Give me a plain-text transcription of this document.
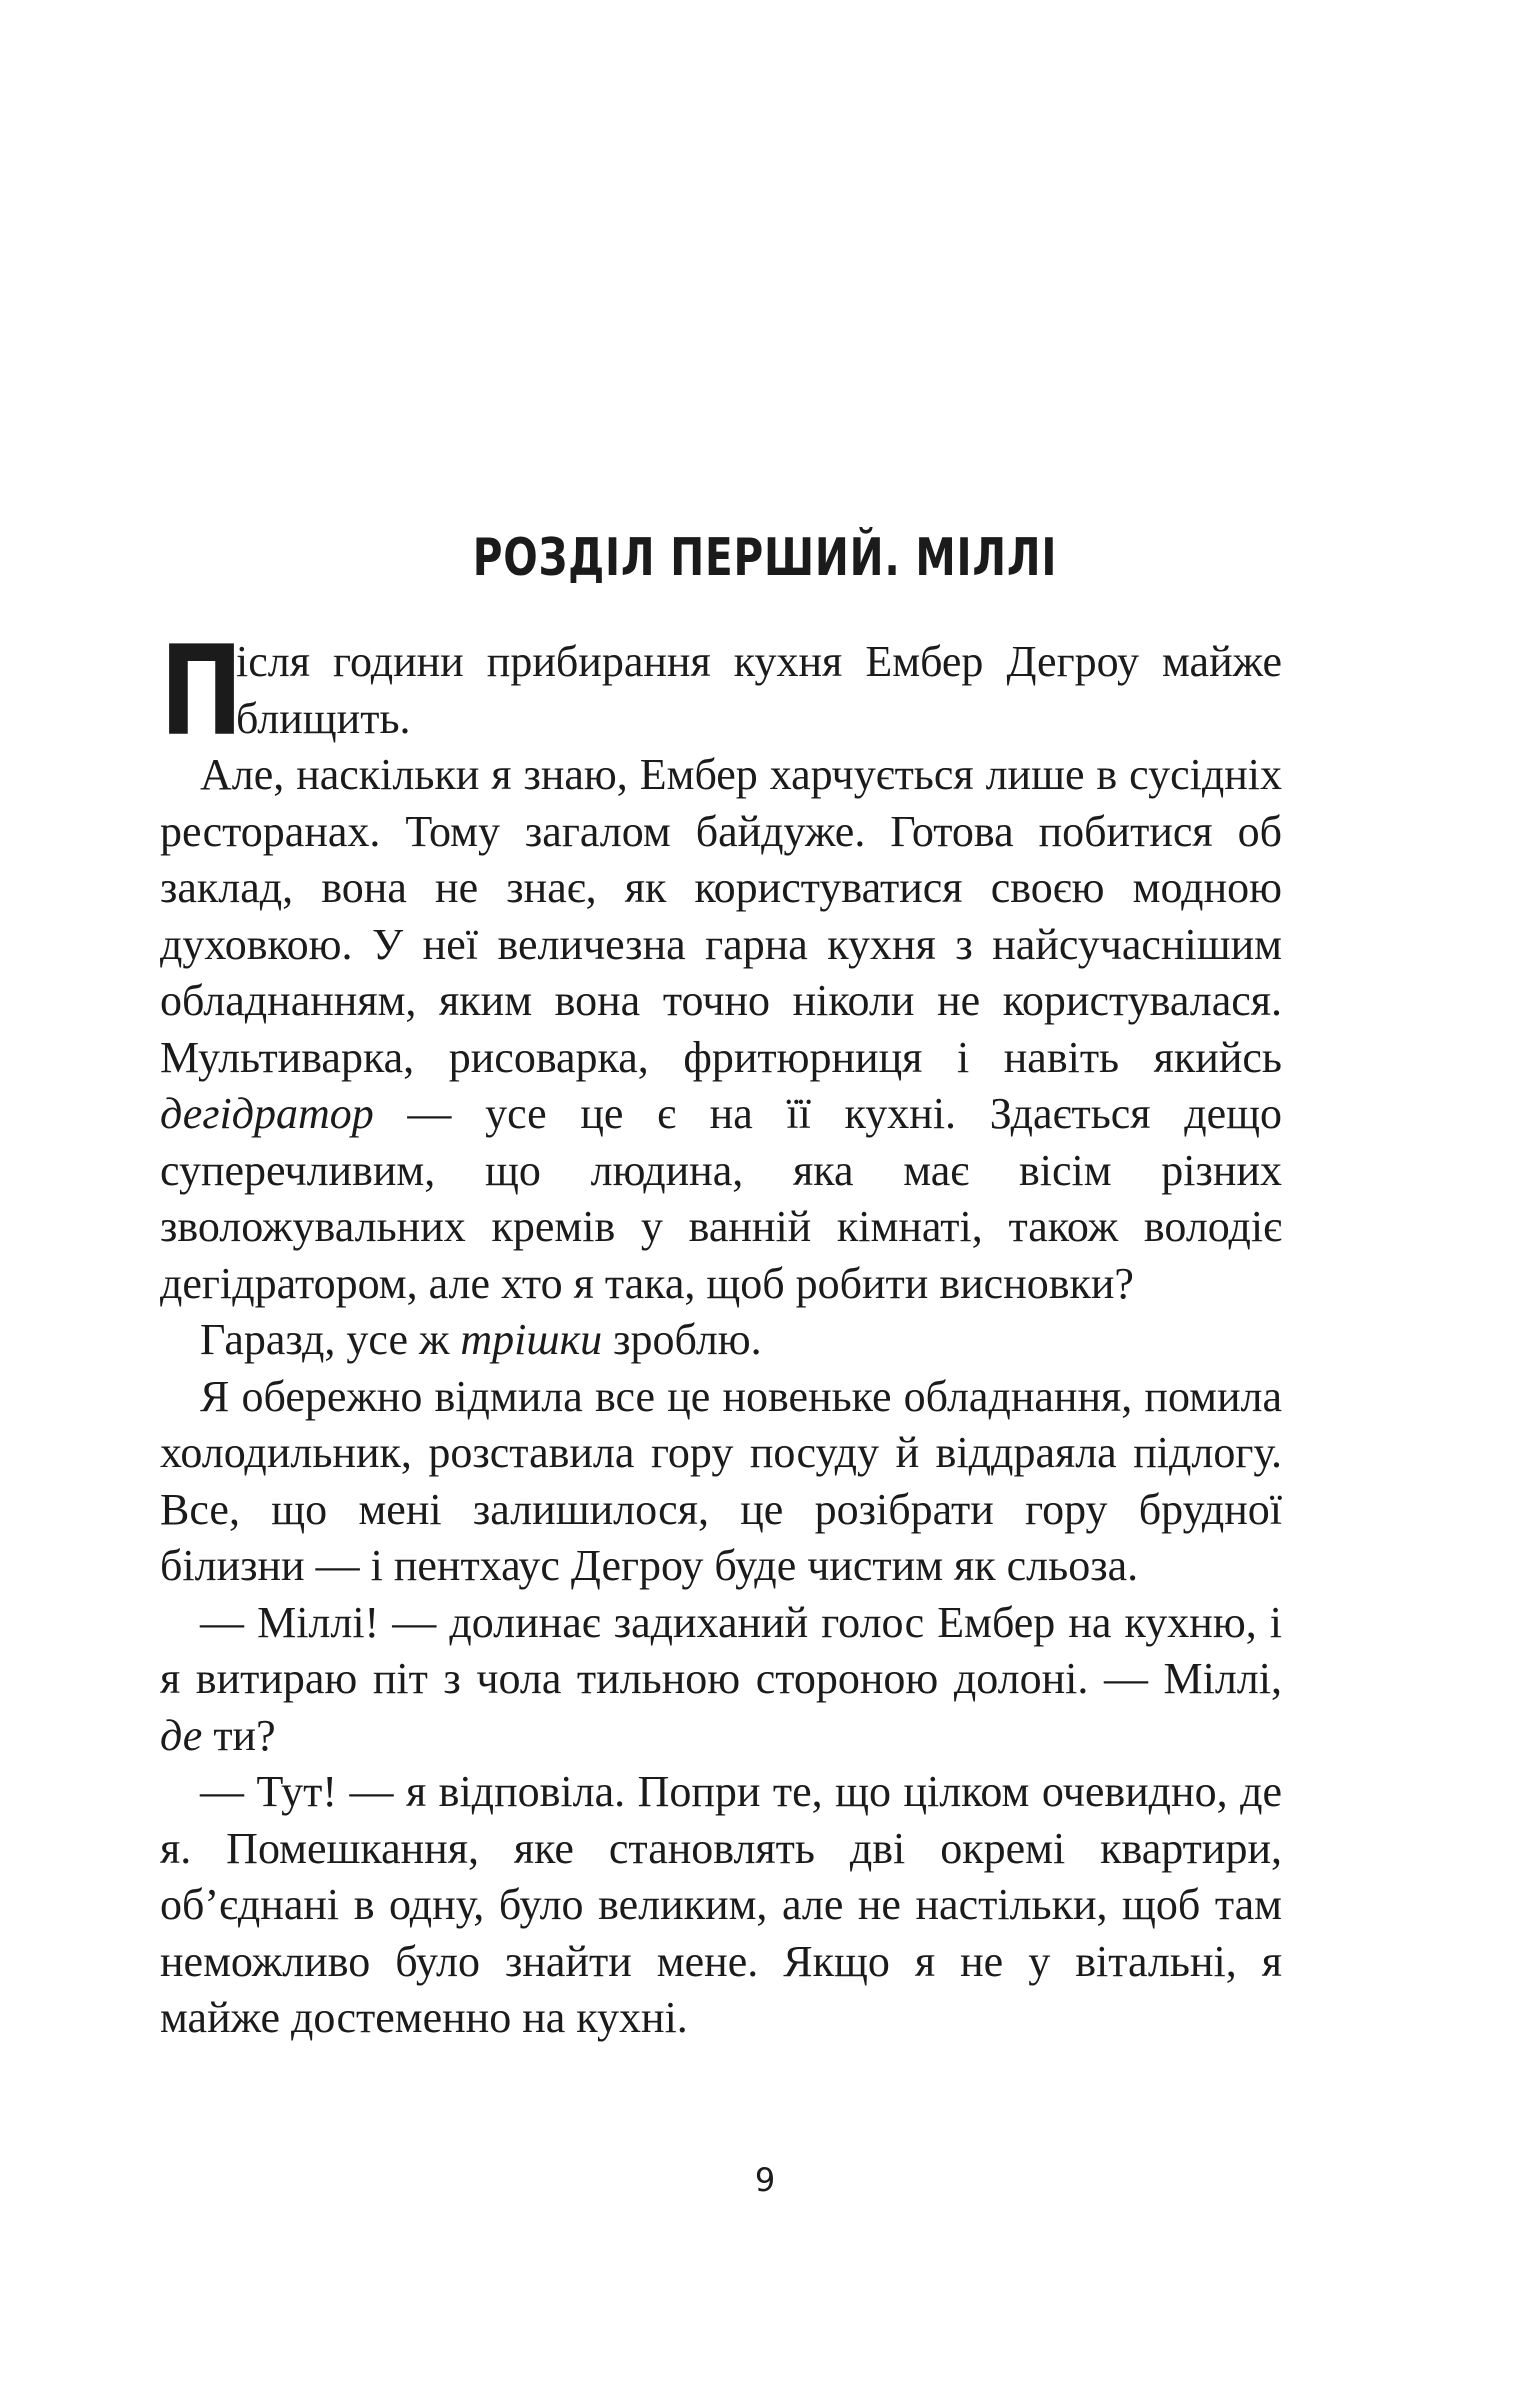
РОЗДІЛ ПЕРШИЙ. МІЛЛІ

П
ісля години прибирання кухня Ембер Дегроу майже блищить.

Але, наскільки я знаю, Ембер харчується лише в сусідніх ресторанах. Тому загалом байдуже. Готова побитися об заклад, вона не знає, як користуватися своєю модною духовкою. У неї величезна гарна кухня з найсучаснішим обладнанням, яким вона точно ніколи не користувалася. Мультиварка, рисоварка, фритюрниця і навіть якийсь дегідратор — усе це є на її кухні. Здається дещо суперечливим, що людина, яка має вісім різних зволожувальних кремів у ванній кімнаті, також володіє дегідратором, але хто я така, щоб робити висновки?

Гаразд, усе ж трішки зроблю.

Я обережно відмила все це новеньке обладнання, помила холодильник, розставила гору посуду й віддраяла підлогу. Все, що мені залишилося, це розібрати гору брудної білизни — і пентхаус Дегроу буде чистим як сльоза.

— Міллі! — долинає задиханий голос Ембер на кухню, і я витираю піт з чола тильною стороною долоні. — Міллі, де ти?

— Тут! — я відповіла. Попри те, що цілком очевидно, де я. Помешкання, яке становлять дві окремі квартири, об’єднані в одну, було великим, але не настільки, щоб там неможливо було знайти мене. Якщо я не у вітальні, я майже достеменно на кухні.

9
